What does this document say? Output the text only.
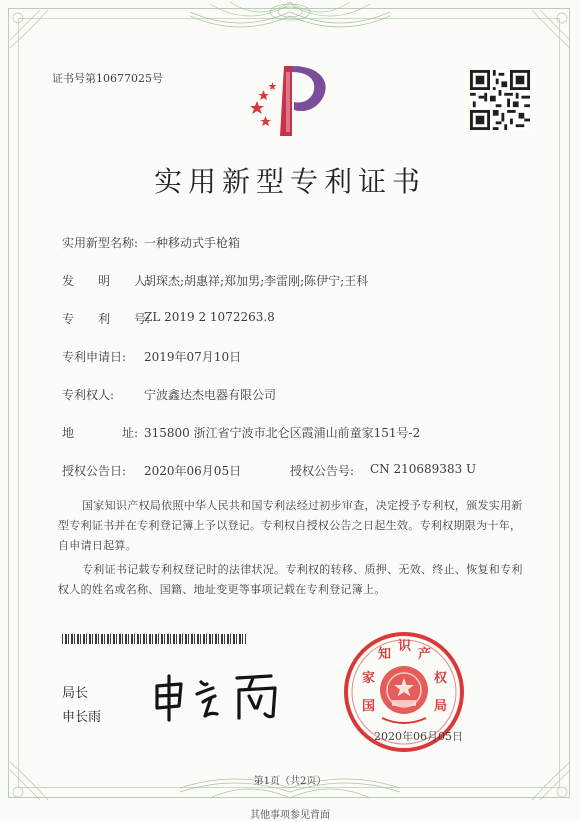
证书号第10677025号
实用新型专利证书
实用新型名称: 一种移动式手枪箱
发　　明　　人:
胡琛杰;胡惠祥;郑加男;李雷刚;陈伊宁;王科
专　　利　　号:
ZL 2019 2 1072263.8
专利申请日: 2019年07月10日
专利权人: 宁波鑫达杰电器有限公司
地　　　　址: 315800 浙江省宁波市北仑区霞浦山前童家151号-2
授权公告日: 2020年06月05日	授权公告号: CN 210689383 U
国家知识产权局依照中华人民共和国专利法经过初步审查，决定授予专利权，颁发实用新型专利证书并在专利登记簿上予以登记。专利权自授权公告之日起生效。专利权期限为十年，自申请日起算。
专利证书记载专利权登记时的法律状况。专利权的转移、质押、无效、终止、恢复和专利权人的姓名或名称、国籍、地址变更等事项记载在专利登记簿上。
局长
申长雨
国
家
知
识
产
权
局
2020年06月05日
第1页（共2页）
其他事项参见背面
